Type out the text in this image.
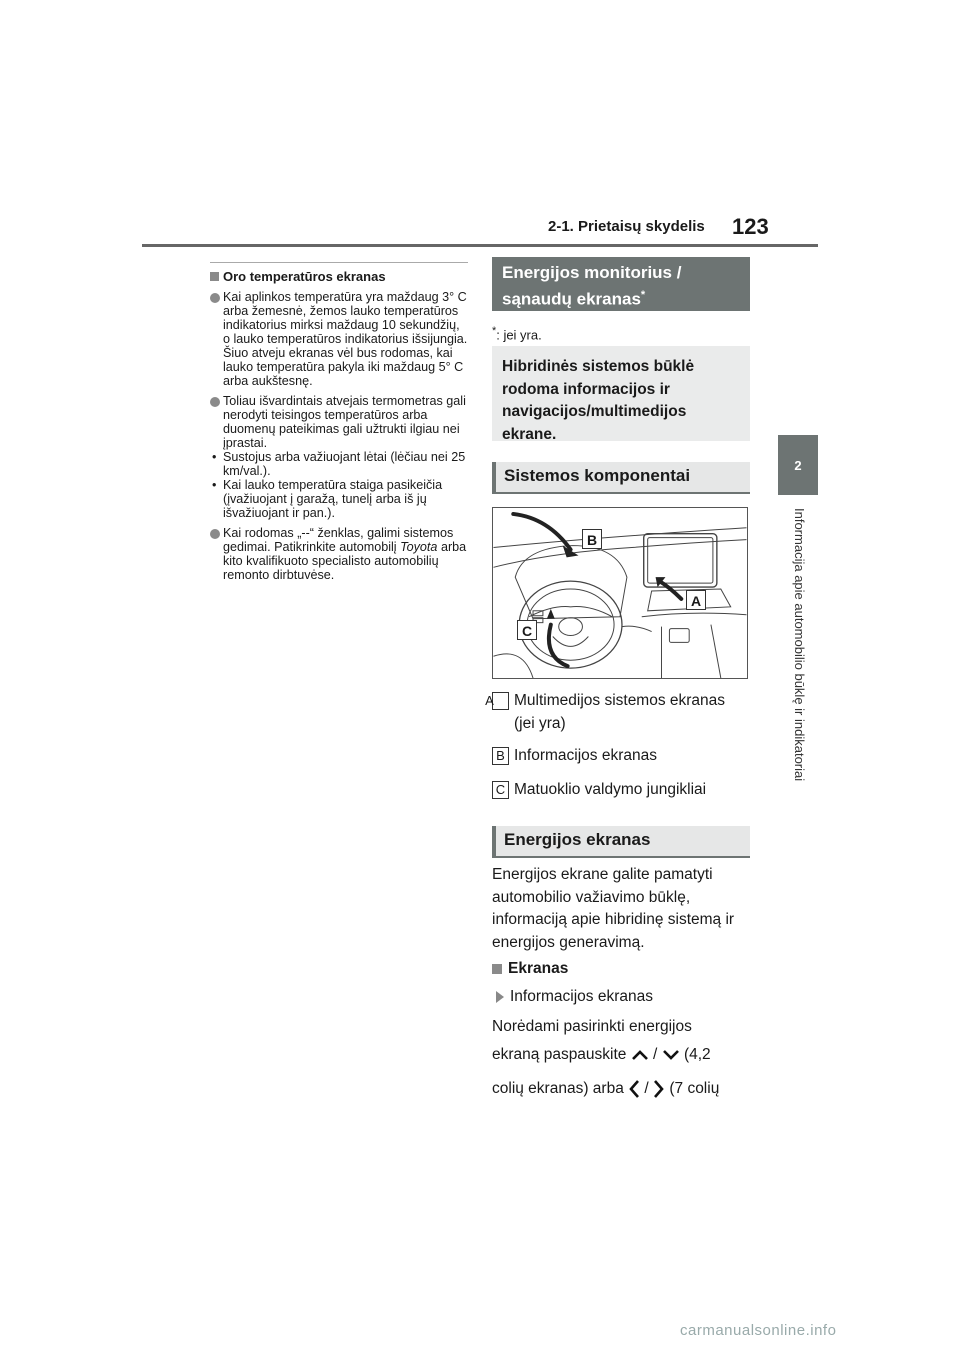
2-1. Prietaisų skydelis 123
2
Informacija apie automobilio būklę ir indikatoriai
Oro temperatūros ekranas
Kai aplinkos temperatūra yra maždaug 3° C arba žemesnė, žemos lauko temperatūros indikatorius mirksi maždaug 10 sekundžių, o lauko temperatūros indikatorius išsijungia. Šiuo atveju ekranas vėl bus rodomas, kai lauko temperatūra pakyla iki maždaug 5° C arba aukštesnę.
Toliau išvardintais atvejais termometras gali nerodyti teisingos temperatūros arba duomenų pateikimas gali užtrukti ilgiau nei įprastai.
• Sustojus arba važiuojant lėtai (lėčiau nei 25 km/val.).
• Kai lauko temperatūra staiga pasikeičia (įvažiuojant į garažą, tunelį arba iš jų išvažiuojant ir pan.).
Kai rodomas „--“ ženklas, galimi sistemos gedimai. Patikrinkite automobilį Toyota arba kito kvalifikuoto specialisto automobilių remonto dirbtuvėse.
Energijos monitorius / sąnaudų ekranas*
*: jei yra.
Hibridinės sistemos būklė rodoma informacijos ir navigacijos/multimedijos ekrane.
Sistemos komponentai
B
A
C
A Multimedijos sistemos ekranas (jei yra)
B Informacijos ekranas
C Matuoklio valdymo jungikliai
Energijos ekranas
Energijos ekrane galite pamatyti automobilio važiavimo būklę, informaciją apie hibridinę sistemą ir energijos generavimą.
Ekranas
Informacijos ekranas
Norėdami pasirinkti energijos
ekraną paspauskite  /  (4,2
colių ekranas) arba  /  (7 colių
carmanualsonline.info
